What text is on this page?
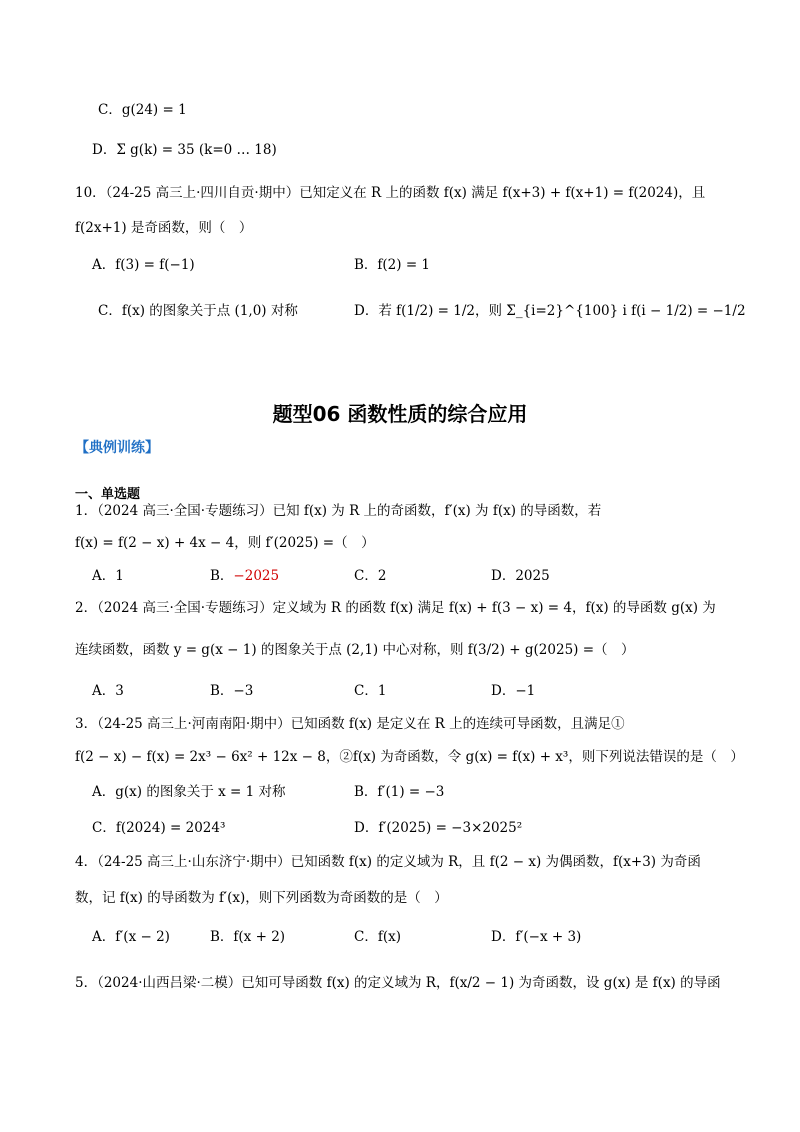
C．g(24) = 1
D．Σ g(k) = 35 (k=0 … 18)
10．（24-25 高三上·四川自贡·期中）已知定义在 R 上的函数 f(x) 满足 f(x+3) + f(x+1) = f(2024)，且
f(2x+1) 是奇函数，则（　）
A．f(3) = f(−1)	B．f(2) = 1
C．f(x) 的图象关于点 (1,0) 对称	D．若 f(1/2) = 1/2，则 Σ_{i=2}^{100} i f(i − 1/2) = −1/2
题型06 函数性质的综合应用
【典例训练】
一、单选题
1．（2024 高三·全国·专题练习）已知 f(x) 为 R 上的奇函数，f′(x) 为 f(x) 的导函数，若
f(x) = f(2 − x) + 4x − 4，则 f′(2025) =（　）
A．1	B．−2025	C．2	D．2025
2．（2024 高三·全国·专题练习）定义域为 R 的函数 f(x) 满足 f(x) + f(3 − x) = 4，f(x) 的导函数 g(x) 为
连续函数，函数 y = g(x − 1) 的图象关于点 (2,1) 中心对称，则 f(3/2) + g(2025) =（　）
A．3	B．−3	C．1	D．−1
3．（24-25 高三上·河南南阳·期中）已知函数 f(x) 是定义在 R 上的连续可导函数，且满足①
f(2 − x) − f(x) = 2x³ − 6x² + 12x − 8，②f(x) 为奇函数，令 g(x) = f(x) + x³，则下列说法错误的是（　）
A．g(x) 的图象关于 x = 1 对称	B．f′(1) = −3
C．f(2024) = 2024³	D．f′(2025) = −3×2025²
4．（24-25 高三上·山东济宁·期中）已知函数 f(x) 的定义域为 R，且 f(2 − x) 为偶函数，f(x+3) 为奇函
数，记 f(x) 的导函数为 f′(x)，则下列函数为奇函数的是（　）
A．f′(x − 2)	B．f(x + 2)	C．f(x)	D．f′(−x + 3)
5．（2024·山西吕梁·二模）已知可导函数 f(x) 的定义域为 R，f(x/2 − 1) 为奇函数，设 g(x) 是 f(x) 的导函
